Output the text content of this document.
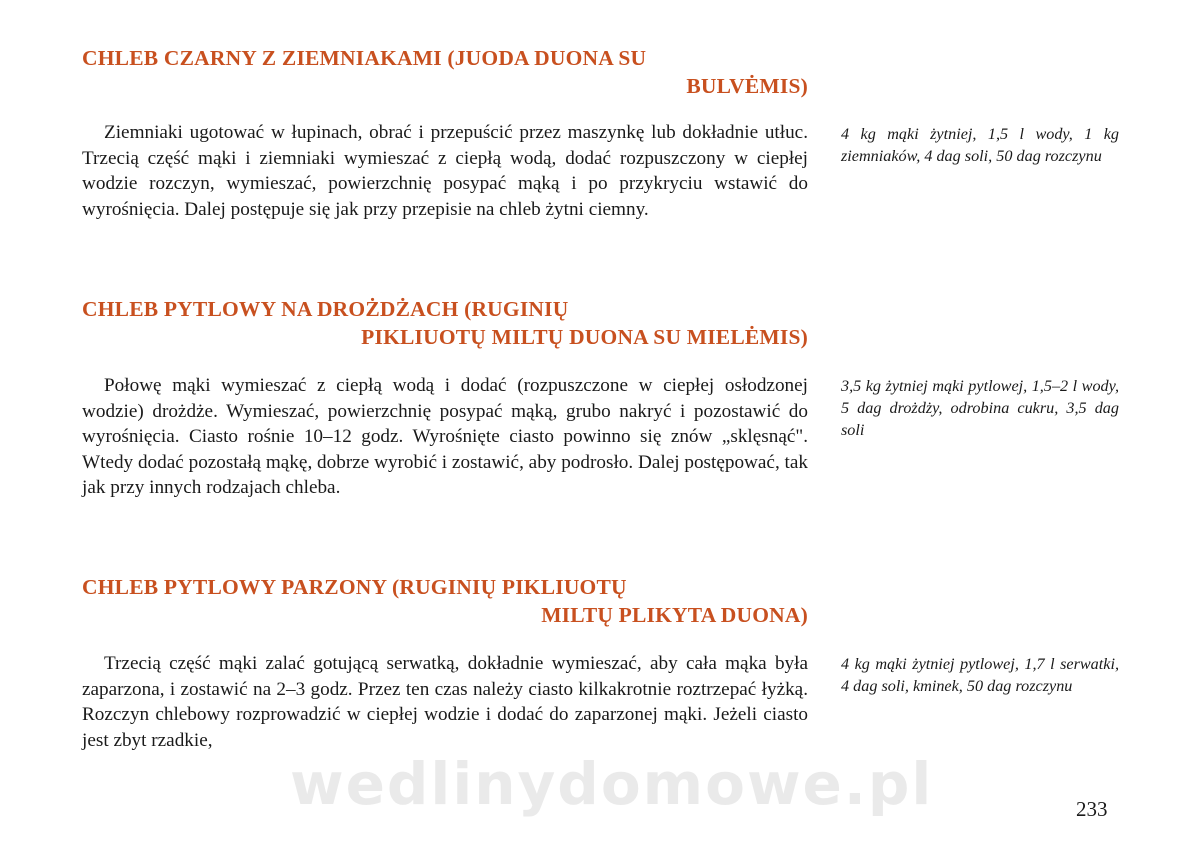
CHLEB CZARNY Z ZIEMNIAKAMI (JUODA DUONA SU
BULVĖMIS)

Ziemniaki ugotować w łupinach, obrać i przepuścić przez maszynkę lub dokładnie utłuc. Trzecią część mąki i ziemniaki wymieszać z ciepłą wodą, dodać rozpuszczony w ciepłej wodzie rozczyn, wymieszać, powierzchnię posypać mąką i po przykryciu wstawić do wyrośnięcia. Dalej postępuje się jak przy przepisie na chleb żytni ciemny.

4 kg mąki żytniej, 1,5 l wody, 1 kg ziemniaków, 4 dag soli, 50 dag rozczynu

CHLEB PYTLOWY NA DROŻDŻACH (RUGINIŲ
PIKLIUOTŲ MILTŲ DUONA SU MIELĖMIS)

Połowę mąki wymieszać z ciepłą wodą i dodać (rozpuszczone w ciepłej osłodzonej wodzie) drożdże. Wymieszać, powierzchnię posypać mąką, grubo nakryć i pozostawić do wyrośnięcia. Ciasto rośnie 10–12 godz. Wyrośnięte ciasto powinno się znów „sklęsnąć". Wtedy dodać pozostałą mąkę, dobrze wyrobić i zostawić, aby podrosło. Dalej postępować, tak jak przy innych rodzajach chleba.

3,5 kg żytniej mąki pytlowej, 1,5–2 l wody, 5 dag drożdży, odrobina cukru, 3,5 dag soli

CHLEB PYTLOWY PARZONY (RUGINIŲ PIKLIUOTŲ
MILTŲ PLIKYTA DUONA)

Trzecią część mąki zalać gotującą serwatką, dokładnie wymieszać, aby cała mąka była zaparzona, i zostawić na 2–3 godz. Przez ten czas należy ciasto kilkakrotnie roztrzepać łyżką. Rozczyn chlebowy rozprowadzić w ciepłej wodzie i dodać do zaparzonej mąki. Jeżeli ciasto jest zbyt rzadkie,

4 kg mąki żytniej pytlowej, 1,7 l serwatki, 4 dag soli, kminek, 50 dag rozczynu

wedlinydomowe.pl	233
